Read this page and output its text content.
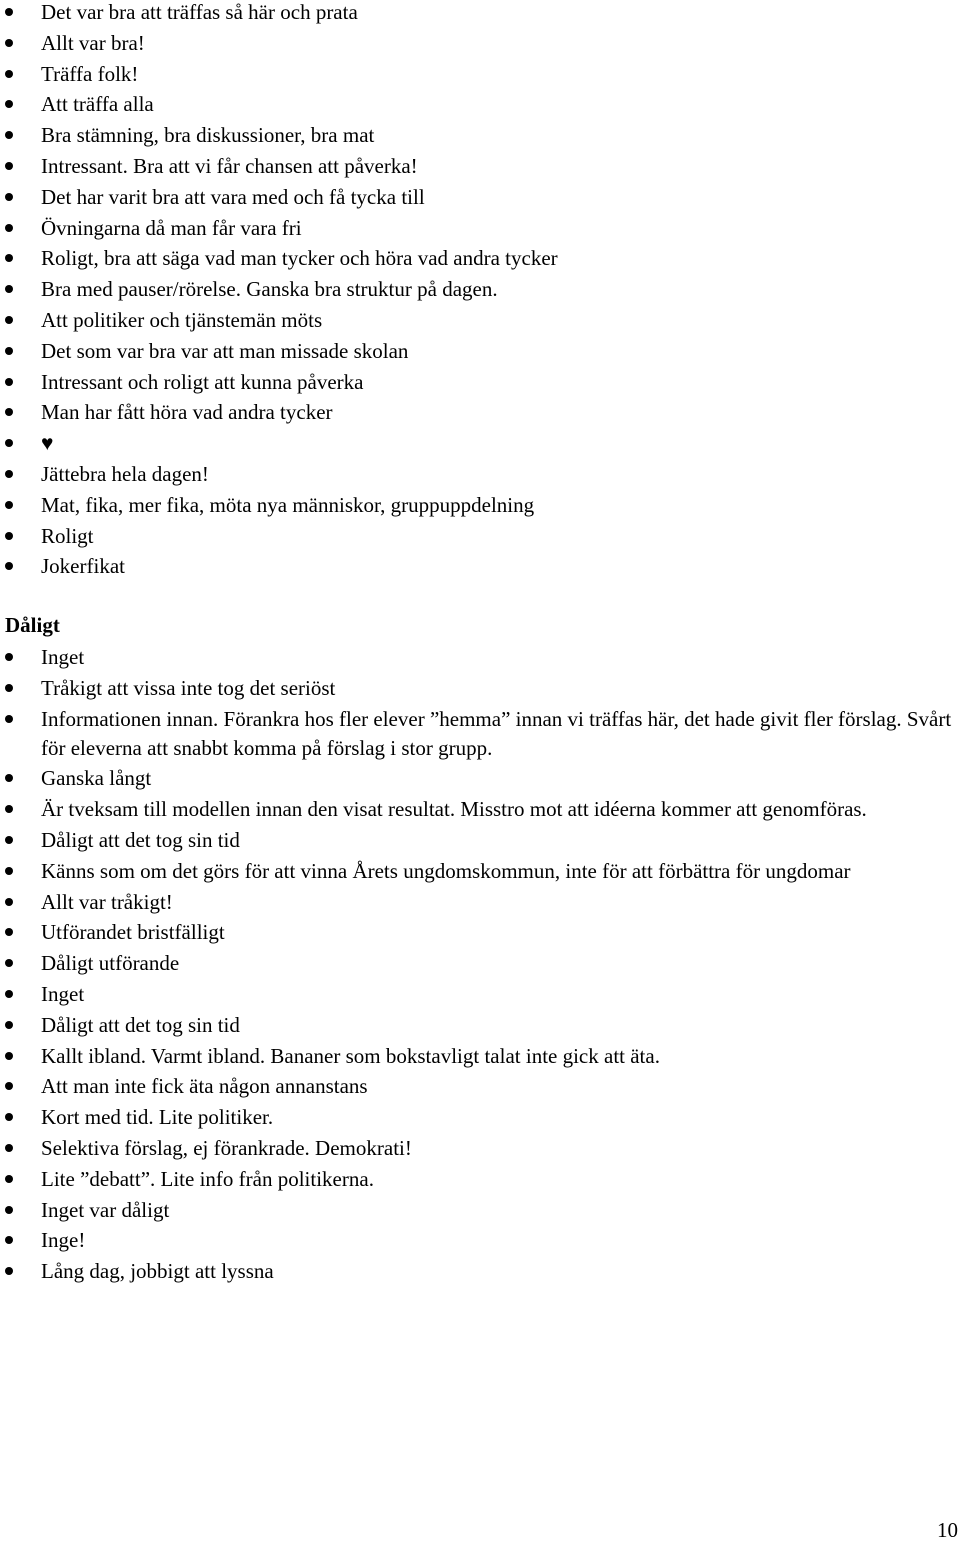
Det var bra att träffas så här och prata
Allt var bra!
Träffa folk!
Att träffa alla
Bra stämning, bra diskussioner, bra mat
Intressant. Bra att vi får chansen att påverka!
Det har varit bra att vara med och få tycka till
Övningarna då man får vara fri
Roligt, bra att säga vad man tycker och höra vad andra tycker
Bra med pauser/rörelse. Ganska bra struktur på dagen.
Att politiker och tjänstemän möts
Det som var bra var att man missade skolan
Intressant och roligt att kunna påverka
Man har fått höra vad andra tycker
♥
Jättebra hela dagen!
Mat, fika, mer fika, möta nya människor, gruppuppdelning
Roligt
Jokerfikat
Dåligt
Inget
Tråkigt att vissa inte tog det seriöst
Informationen innan. Förankra hos fler elever ”hemma” innan vi träffas här, det hade givit fler förslag. Svårt för eleverna att snabbt komma på förslag i stor grupp.
Ganska långt
Är tveksam till modellen innan den visat resultat. Misstro mot att idéerna kommer att genomföras.
Dåligt att det tog sin tid
Känns som om det görs för att vinna Årets ungdomskommun, inte för att förbättra för ungdomar
Allt var tråkigt!
Utförandet bristfälligt
Dåligt utförande
Inget
Dåligt att det tog sin tid
Kallt ibland. Varmt ibland. Bananer som bokstavligt talat inte gick att äta.
Att man inte fick äta någon annanstans
Kort med tid. Lite politiker.
Selektiva förslag, ej förankrade. Demokrati!
Lite ”debatt”. Lite info från politikerna.
Inget var dåligt
Inge!
Lång dag, jobbigt att lyssna
10
